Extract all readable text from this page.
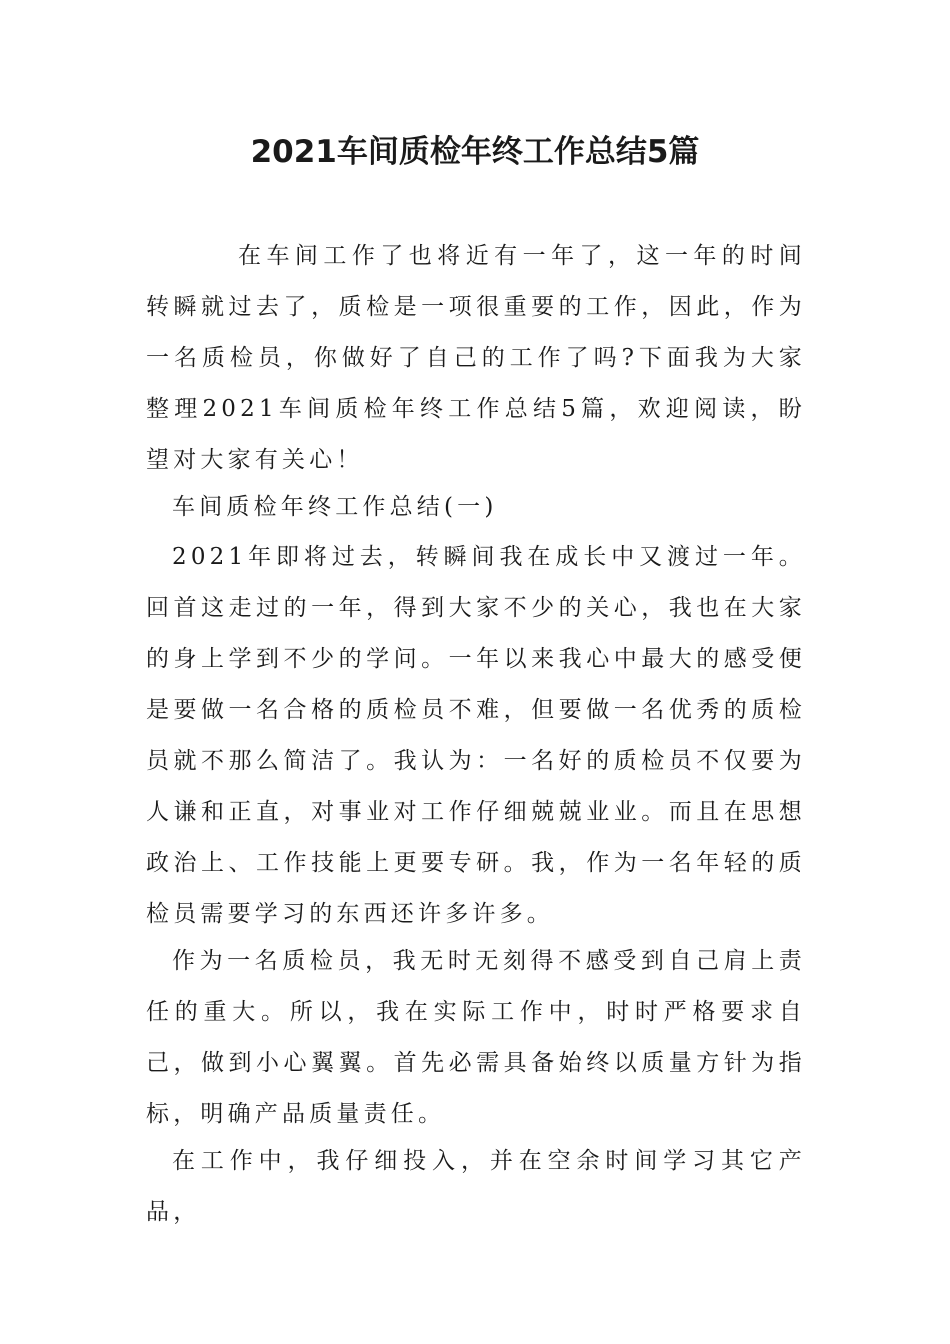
2021车间质检年终工作总结5篇

在车间工作了也将近有一年了，这一年的时间转瞬就过去了，质检是一项很重要的工作，因此，作为一名质检员，你做好了自己的工作了吗?下面我为大家整理2021车间质检年终工作总结5篇，欢迎阅读，盼望对大家有关心！

车间质检年终工作总结(一)

2021年即将过去，转瞬间我在成长中又渡过一年。回首这走过的一年，得到大家不少的关心，我也在大家的身上学到不少的学问。一年以来我心中最大的感受便是要做一名合格的质检员不难，但要做一名优秀的质检员就不那么简洁了。我认为：一名好的质检员不仅要为人谦和正直，对事业对工作仔细兢兢业业。而且在思想政治上、工作技能上更要专研。我，作为一名年轻的质检员需要学习的东西还许多许多。

作为一名质检员，我无时无刻得不感受到自己肩上责任的重大。所以，我在实际工作中，时时严格要求自己，做到小心翼翼。首先必需具备始终以质量方针为指标，明确产品质量责任。

在工作中，我仔细投入，并在空余时间学习其它产品，
